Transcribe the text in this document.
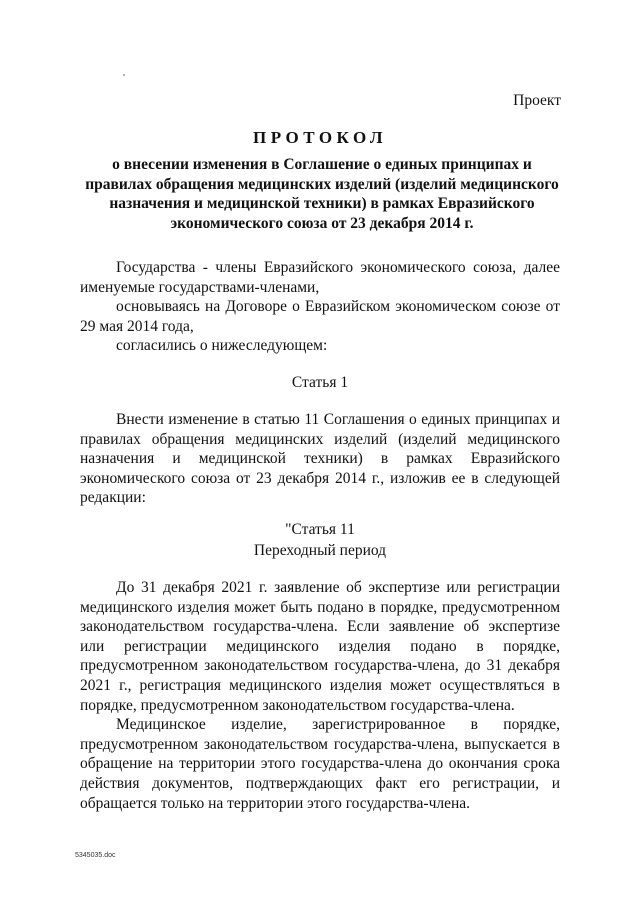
Проект
ПРОТОКОЛ
о внесении изменения в Соглашение о единых принципах и правилах обращения медицинских изделий (изделий медицинского назначения и медицинской техники) в рамках Евразийского экономического союза от 23 декабря 2014 г.

Государства - члены Евразийского экономического союза, далее именуемые государствами-членами,

основываясь на Договоре о Евразийском экономическом союзе от 29 мая 2014 года,

согласились о нижеследующем:

Статья 1

Внести изменение в статью 11 Соглашения о единых принципах и правилах обращения медицинских изделий (изделий медицинского назначения и медицинской техники) в рамках Евразийского экономического союза от 23 декабря 2014 г., изложив ее в следующей редакции:

"Статья 11
Переходный период

До 31 декабря 2021 г. заявление об экспертизе или регистрации медицинского изделия может быть подано в порядке, предусмотренном законодательством государства-члена. Если заявление об экспертизе или регистрации медицинского изделия подано в порядке, предусмотренном законодательством государства-члена, до 31 декабря 2021 г., регистрация медицинского изделия может осуществляться в порядке, предусмотренном законодательством государства-члена.

Медицинское изделие, зарегистрированное в порядке, предусмотренном законодательством государства-члена, выпускается в обращение на территории этого государства-члена до окончания срока действия документов, подтверждающих факт его регистрации, и обращается только на территории этого государства-члена.

5345035.doc
